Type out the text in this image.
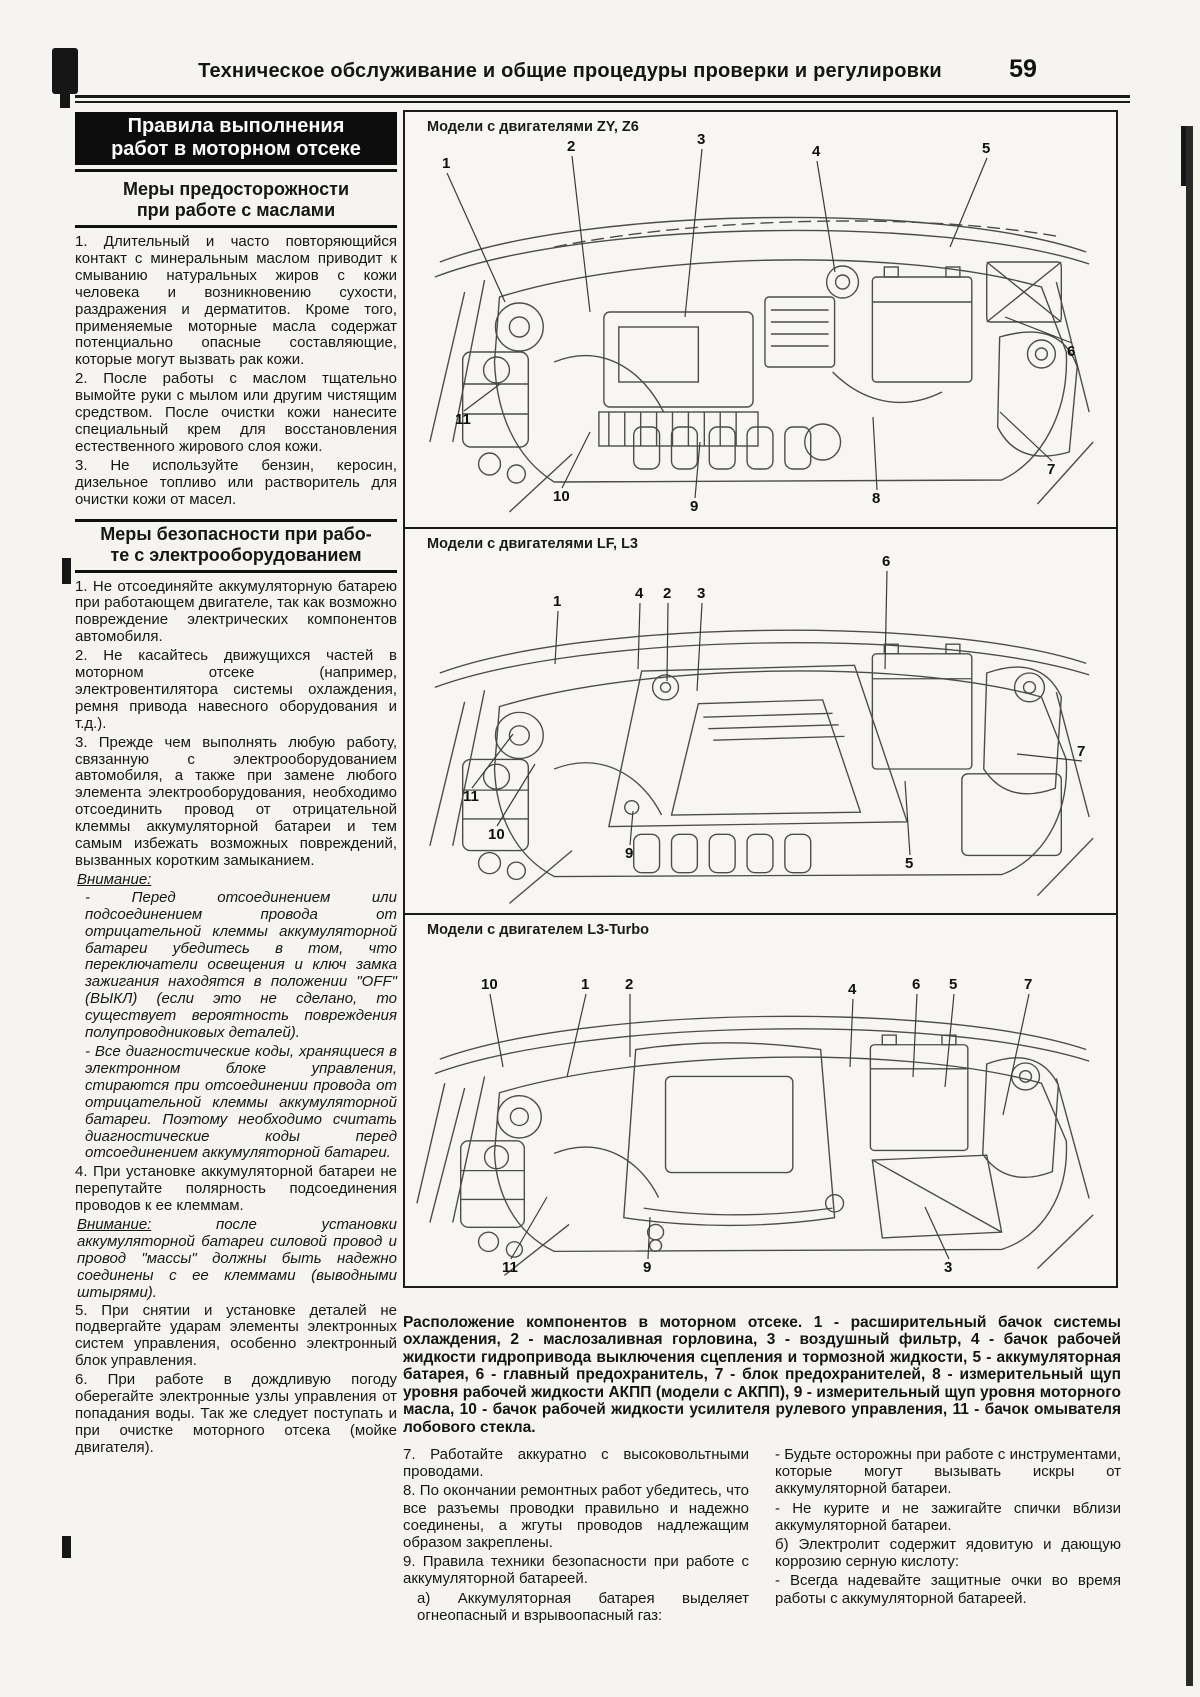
Техническое обслуживание и общие процедуры проверки и регулировки	59
Правила выполнения
работ в моторном отсеке
Меры предосторожности
при работе с маслами

1. Длительный и часто повторяющийся контакт с минеральным маслом приводит к смыванию натуральных жиров с кожи человека и возникновению сухости, раздражения и дерматитов. Кроме того, применяемые моторные масла содержат потенциально опасные составляющие, которые могут вызвать рак кожи.

2. После работы с маслом тщательно вымойте руки с мылом или другим чистящим средством. После очистки кожи нанесите специальный крем для восстановления естественного жирового слоя кожи.

3. Не используйте бензин, керосин, дизельное топливо или растворитель для очистки кожи от масел.

Меры безопасности при рабо-
те с электрооборудованием

1. Не отсоединяйте аккумуляторную батарею при работающем двигателе, так как возможно повреждение электрических компонентов автомобиля.

2. Не касайтесь движущихся частей в моторном отсеке (например, электровентилятора системы охлаждения, ремня привода навесного оборудования и т.д.).

3. Прежде чем выполнять любую работу, связанную с электрооборудованием автомобиля, а также при замене любого элемента электрооборудования, необходимо отсоединить провод от отрицательной клеммы аккумуляторной батареи и тем самым избежать возможных повреждений, вызванных коротким замыканием.

Внимание:

- Перед отсоединением или подсоединением провода от отрицательной клеммы аккумуляторной батареи убедитесь в том, что переключатели освещения и ключ замка зажигания находятся в положении "OFF" (ВЫКЛ) (если это не сделано, то существует вероятность повреждения полупроводниковых деталей).

- Все диагностические коды, хранящиеся в электронном блоке управления, стираются при отсоединении провода от отрицательной клеммы аккумуляторной батареи. Поэтому необходимо считать диагностические коды перед отсоединением аккумуляторной батареи.

4. При установке аккумуляторной батареи не перепутайте полярность подсоединения проводов к ее клеммам.

Внимание: после установки аккумуляторной батареи силовой провод и провод "массы" должны быть надежно соединены с ее клеммами (выводными штырями).

5. При снятии и установке деталей не подвергайте ударам элементы электронных систем управления, особенно электронный блок управления.

6. При работе в дождливую погоду оберегайте электронные узлы управления от попадания воды. Так же следует поступать и при очистке моторного отсека (мойке двигателя).

Модели с двигателями ZY, Z6
1
2	3
4	5
6
7
8
9
10
11
Модели с двигателями LF, L3
1	4 2 3
6
7
5
11
10
9
Модели с двигателем L3-Turbo
10	1 2	4	6 5	7
11	9	3

Расположение компонентов в моторном отсеке. 1 - расширительный бачок системы охлаждения, 2 - маслозаливная горловина, 3 - воздушный фильтр, 4 - бачок рабочей жидкости гидропривода выключения сцепления и тормозной жидкости, 5 - аккумуляторная батарея, 6 - главный предохранитель, 7 - блок предохранителей, 8 - измерительный щуп уровня рабочей жидкости АКПП (модели с АКПП), 9 - измерительный щуп уровня моторного масла, 10 - бачок рабочей жидкости усилителя рулевого управления, 11 - бачок омывателя лобового стекла.

7. Работайте аккуратно с высоковольтными проводами.

8. По окончании ремонтных работ убедитесь, что все разъемы проводки правильно и надежно соединены, а жгуты проводов надлежащим образом закреплены.

9. Правила техники безопасности при работе с аккумуляторной батареей.

а) Аккумуляторная батарея выделяет огнеопасный и взрывоопасный газ:

- Будьте осторожны при работе с инструментами, которые могут вызывать искры от аккумуляторной батареи.

- Не курите и не зажигайте спички вблизи аккумуляторной батареи.

б) Электролит содержит ядовитую и дающую коррозию серную кислоту:

- Всегда надевайте защитные очки во время работы с аккумуляторной батареей.
